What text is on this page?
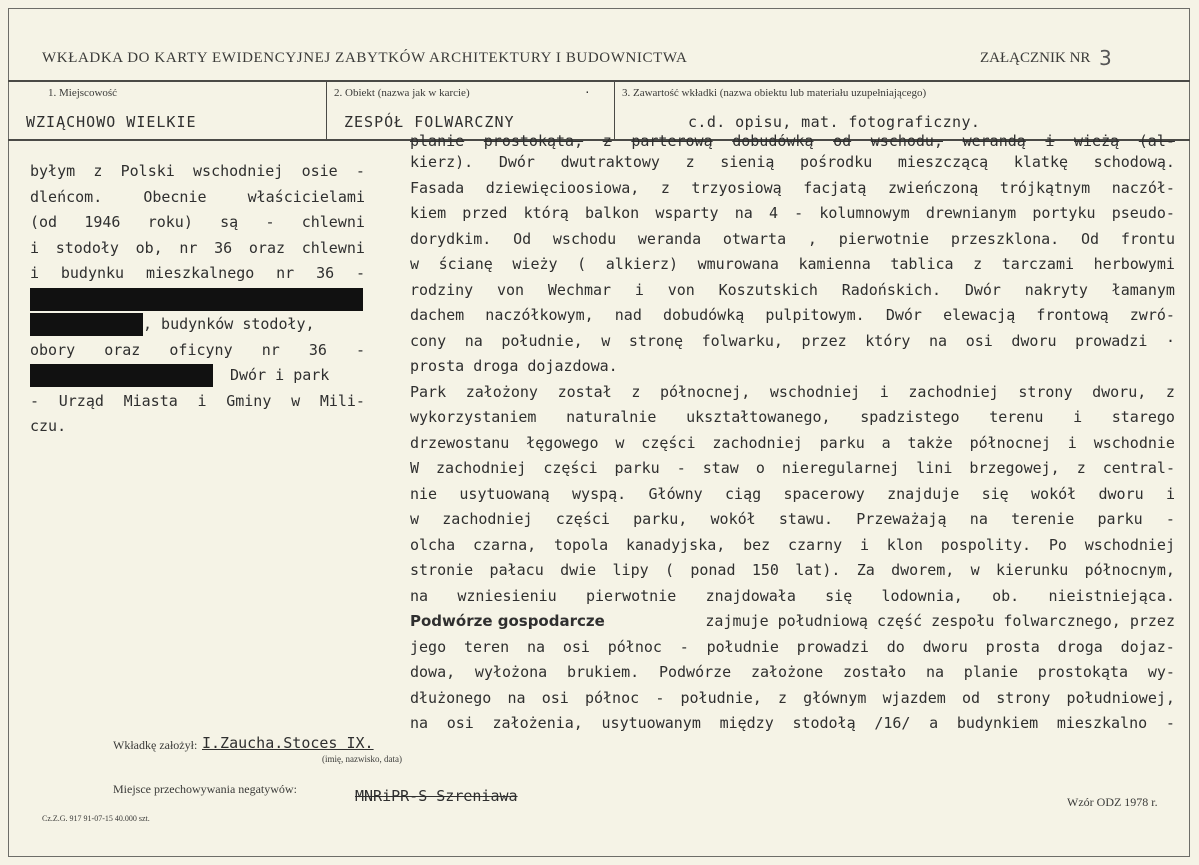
WKŁADKA DO KARTY EWIDENCYJNEJ ZABYTKÓW ARCHITEKTURY I BUDOWNICTWA	ZAŁĄCZNIK NR 3
1. Miejscowość	2. Obiekt (nazwa jak w karcie)	·	3. Zawartość wkładki (nazwa obiektu lub materiału uzupełniającego)
WZIĄCHOWO WIELKIE	ZESPÓŁ FOLWARCZNY	c.d. opisu, mat. fotograficzny.
byłym z Polski wschodniej osie -
dleńcom.	Obecnie	właścicielami
(od 1946 roku) są - chlewni
i stodoły ob, nr 36 oraz chlewni
i budynku mieszkalnego nr 36 -
, budynków stodoły,
obory oraz oficyny nr 36 -
Dwór i park
- Urząd Miasta i Gminy w Mili-
czu.
planie prostokąta, z parterową dobudówką od wschodu, werandą i wieżą (al-
kierz). Dwór dwutraktowy z sienią pośrodku mieszczącą klatkę schodową.
Fasada dziewięcioosiowa, z trzyosiową facjatą zwieńczoną trójkątnym naczół-
kiem przed którą balkon wsparty na 4 - kolumnowym drewnianym portyku pseudo-
dorydkim. Od wschodu weranda otwarta , pierwotnie przeszklona. Od frontu
w ścianę wieży ( alkierz) wmurowana kamienna tablica z tarczami herbowymi
rodziny von Wechmar i von Koszutskich Radońskich. Dwór nakryty łamanym
dachem naczółkowym, nad dobudówką pulpitowym. Dwór elewacją frontową zwró-
cony na południe, w stronę folwarku, przez który na osi dworu prowadzi ·
prosta droga dojazdowa.
Park założony został z północnej, wschodniej i zachodniej strony dworu, z
wykorzystaniem naturalnie ukształtowanego, spadzistego terenu i starego
drzewostanu łęgowego w części zachodniej parku a także północnej i wschodnie
W zachodniej części parku - staw o nieregularnej lini brzegowej, z central-
nie usytuowaną wyspą. Główny ciąg spacerowy znajduje się wokół dworu i
w zachodniej części parku, wokół stawu. Przeważają na terenie parku -
olcha czarna, topola kanadyjska, bez czarny i klon pospolity. Po wschodniej
stronie pałacu dwie lipy ( ponad 150 lat). Za dworem, w kierunku północnym,
na wzniesieniu pierwotnie znajdowała się lodownia, ob. nieistniejąca.
Podwórze gospodarcze	zajmuje południową część zespołu folwarcznego, przez
jego teren na osi północ - południe prowadzi do dworu prosta droga dojaz-
dowa, wyłożona brukiem. Podwórze założone zostało na planie prostokąta wy-
dłużonego na osi północ - południe, z głównym wjazdem od strony południowej,
na osi założenia, usytuowanym między stodołą /16/ a budynkiem mieszkalno -
Wkładkę założył: I.Zaucha.Stoces IX.
(imię, nazwisko, data)
Miejsce przechowywania negatywów:	MNRiPR-S Szreniawa	Wzór ODZ 1978 r.
Cz.Z.G. 917 91-07-15 40.000 szt.
